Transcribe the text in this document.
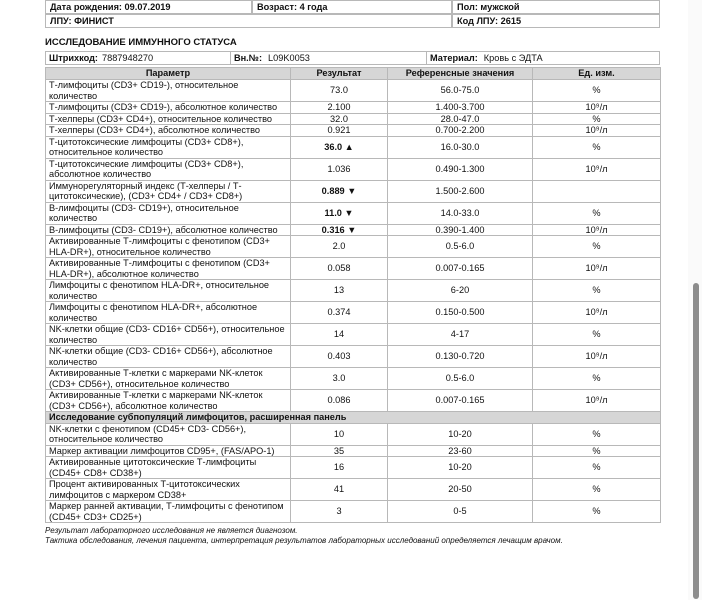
Дата рождения: 09.07.2019	Возраст: 4 года	Пол: мужской
ЛПУ: ФИНИСТ	Код ЛПУ: 2615
ИССЛЕДОВАНИЕ ИММУННОГО СТАТУСА
Штрихкод: 7887948270	Вн.№: L09K0053	Материал: Кровь с ЭДТА
Параметр	Результат	Референсные значения	Ед. изм.
Т-лимфоциты (CD3+ CD19-), относительное количество	73.0	56.0-75.0	%
Т-лимфоциты (CD3+ CD19-), абсолютное количество	2.100	1.400-3.700	10⁹/л
Т-хелперы (CD3+ CD4+), относительное количество	32.0	28.0-47.0	%
Т-хелперы (CD3+ CD4+), абсолютное количество	0.921	0.700-2.200	10⁹/л
Т-цитотоксические лимфоциты (CD3+ CD8+), относительное количество	36.0 ▲	16.0-30.0	%
Т-цитотоксические лимфоциты (CD3+ CD8+), абсолютное количество	1.036	0.490-1.300	10⁹/л
Иммунорегуляторный индекс (Т-хелперы / Т-цитотоксические), (CD3+ CD4+ / CD3+ CD8+)	0.889 ▼	1.500-2.600	
В-лимфоциты (CD3- CD19+), относительное количество	11.0 ▼	14.0-33.0	%
В-лимфоциты (CD3- CD19+), абсолютное количество	0.316 ▼	0.390-1.400	10⁹/л
Активированные Т-лимфоциты с фенотипом (CD3+ HLA-DR+), относительное количество	2.0	0.5-6.0	%
Активированные Т-лимфоциты с фенотипом (CD3+ HLA-DR+), абсолютное количество	0.058	0.007-0.165	10⁹/л
Лимфоциты с фенотипом HLA-DR+, относительное количество	13	6-20	%
Лимфоциты с фенотипом HLA-DR+, абсолютное количество	0.374	0.150-0.500	10⁹/л
NK-клетки общие (CD3- CD16+ CD56+), относительное количество	14	4-17	%
NK-клетки общие (CD3- CD16+ CD56+), абсолютное количество	0.403	0.130-0.720	10⁹/л
Активированные Т-клетки с маркерами NK-клеток (CD3+ CD56+), относительное количество	3.0	0.5-6.0	%
Активированные Т-клетки с маркерами NK-клеток (CD3+ CD56+), абсолютное количество	0.086	0.007-0.165	10⁹/л
Исследование субпопуляций лимфоцитов, расширенная панель			
NK-клетки с фенотипом (CD45+ CD3- CD56+), относительное количество	10	10-20	%
Маркер активации лимфоцитов CD95+, (FAS/APO-1)	35	23-60	%
Активированные цитотоксические Т-лимфоциты (CD45+ CD8+ CD38+)	16	10-20	%
Процент активированных Т-цитотоксических лимфоцитов с маркером CD38+	41	20-50	%
Маркер ранней активации, Т-лимфоциты с фенотипом (CD45+ CD3+ CD25+)	3	0-5	%
Результат лабораторного исследования не является диагнозом.
Тактика обследования, лечения пациента, интерпретация результатов лабораторных исследований определяется лечащим врачом.
